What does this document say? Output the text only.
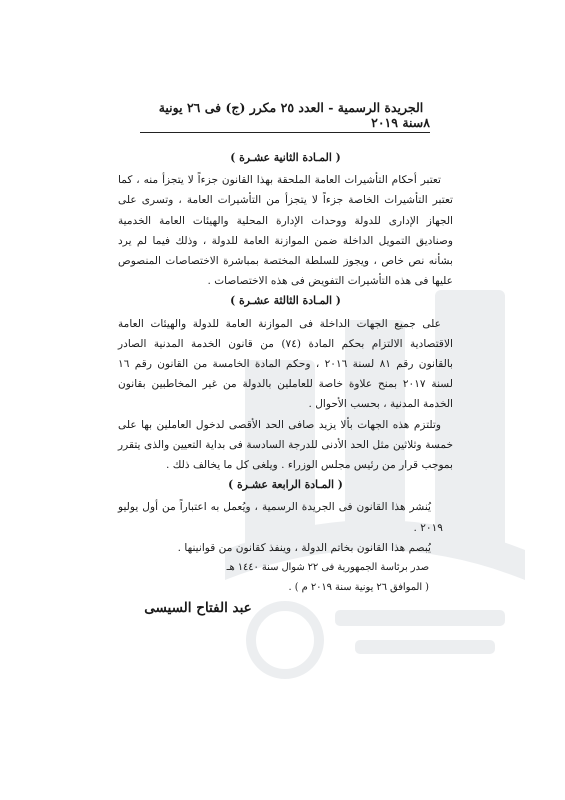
٨
الجريدة الرسمية - العدد ٢٥ مكرر (ج) فى ٢٦ يونية سنة ٢٠١٩
( المـادة الثانية عشـرة )

تعتبر أحكام التأشيرات العامة الملحقة بهذا القانون جزءاً لا يتجزأ منه ، كما تعتبر التأشيرات الخاصة جزءاً لا يتجزأ من التأشيرات العامة ، وتسرى على الجهاز الإدارى للدولة ووحدات الإدارة المحلية والهيئات العامة الخدمية وصناديق التمويل الداخلة ضمن الموازنة العامة للدولة ، وذلك فيما لم يرد بشأنه نص خاص ، ويجوز للسلطة المختصة بمباشرة الاختصاصات المنصوص عليها فى هذه التأشيرات التفويض فى هذه الاختصاصات .

( المـادة الثالثة عشـرة )

على جميع الجهات الداخلة فى الموازنة العامة للدولة والهيئات العامة الاقتصادية الالتزام بحكم المادة (٧٤) من قانون الخدمة المدنية الصادر بالقانون رقم ٨١ لسنة ٢٠١٦ ، وحكم المادة الخامسة من القانون رقم ١٦ لسنة ٢٠١٧ بمنح علاوة خاصة للعاملين بالدولة من غير المخاطبين بقانون الخدمة المدنية ، بحسب الأحوال .

وتلتزم هذه الجهات بألا يزيد صافى الحد الأقصى لدخول العاملين بها على خمسة وثلاثين مثل الحد الأدنى للدرجة السادسة فى بداية التعيين والذى يتقرر بموجب قرار من رئيس مجلس الوزراء . ويلغى كل ما يخالف ذلك .

( المـادة الرابعة عشـرة )

يُنشر هذا القانون فى الجريدة الرسمية ، ويُعمل به اعتباراً من أول يوليو ٢٠١٩ .

يُبصم هذا القانون بخاتم الدولة ، وينفذ كقانون من قوانينها .

صدر برئاسة الجمهورية فى ٢٢ شوال سنة ١٤٤٠ هـ

( الموافق ٢٦ يونية سنة ٢٠١٩ م ) .

عبد الفتاح السيسى
